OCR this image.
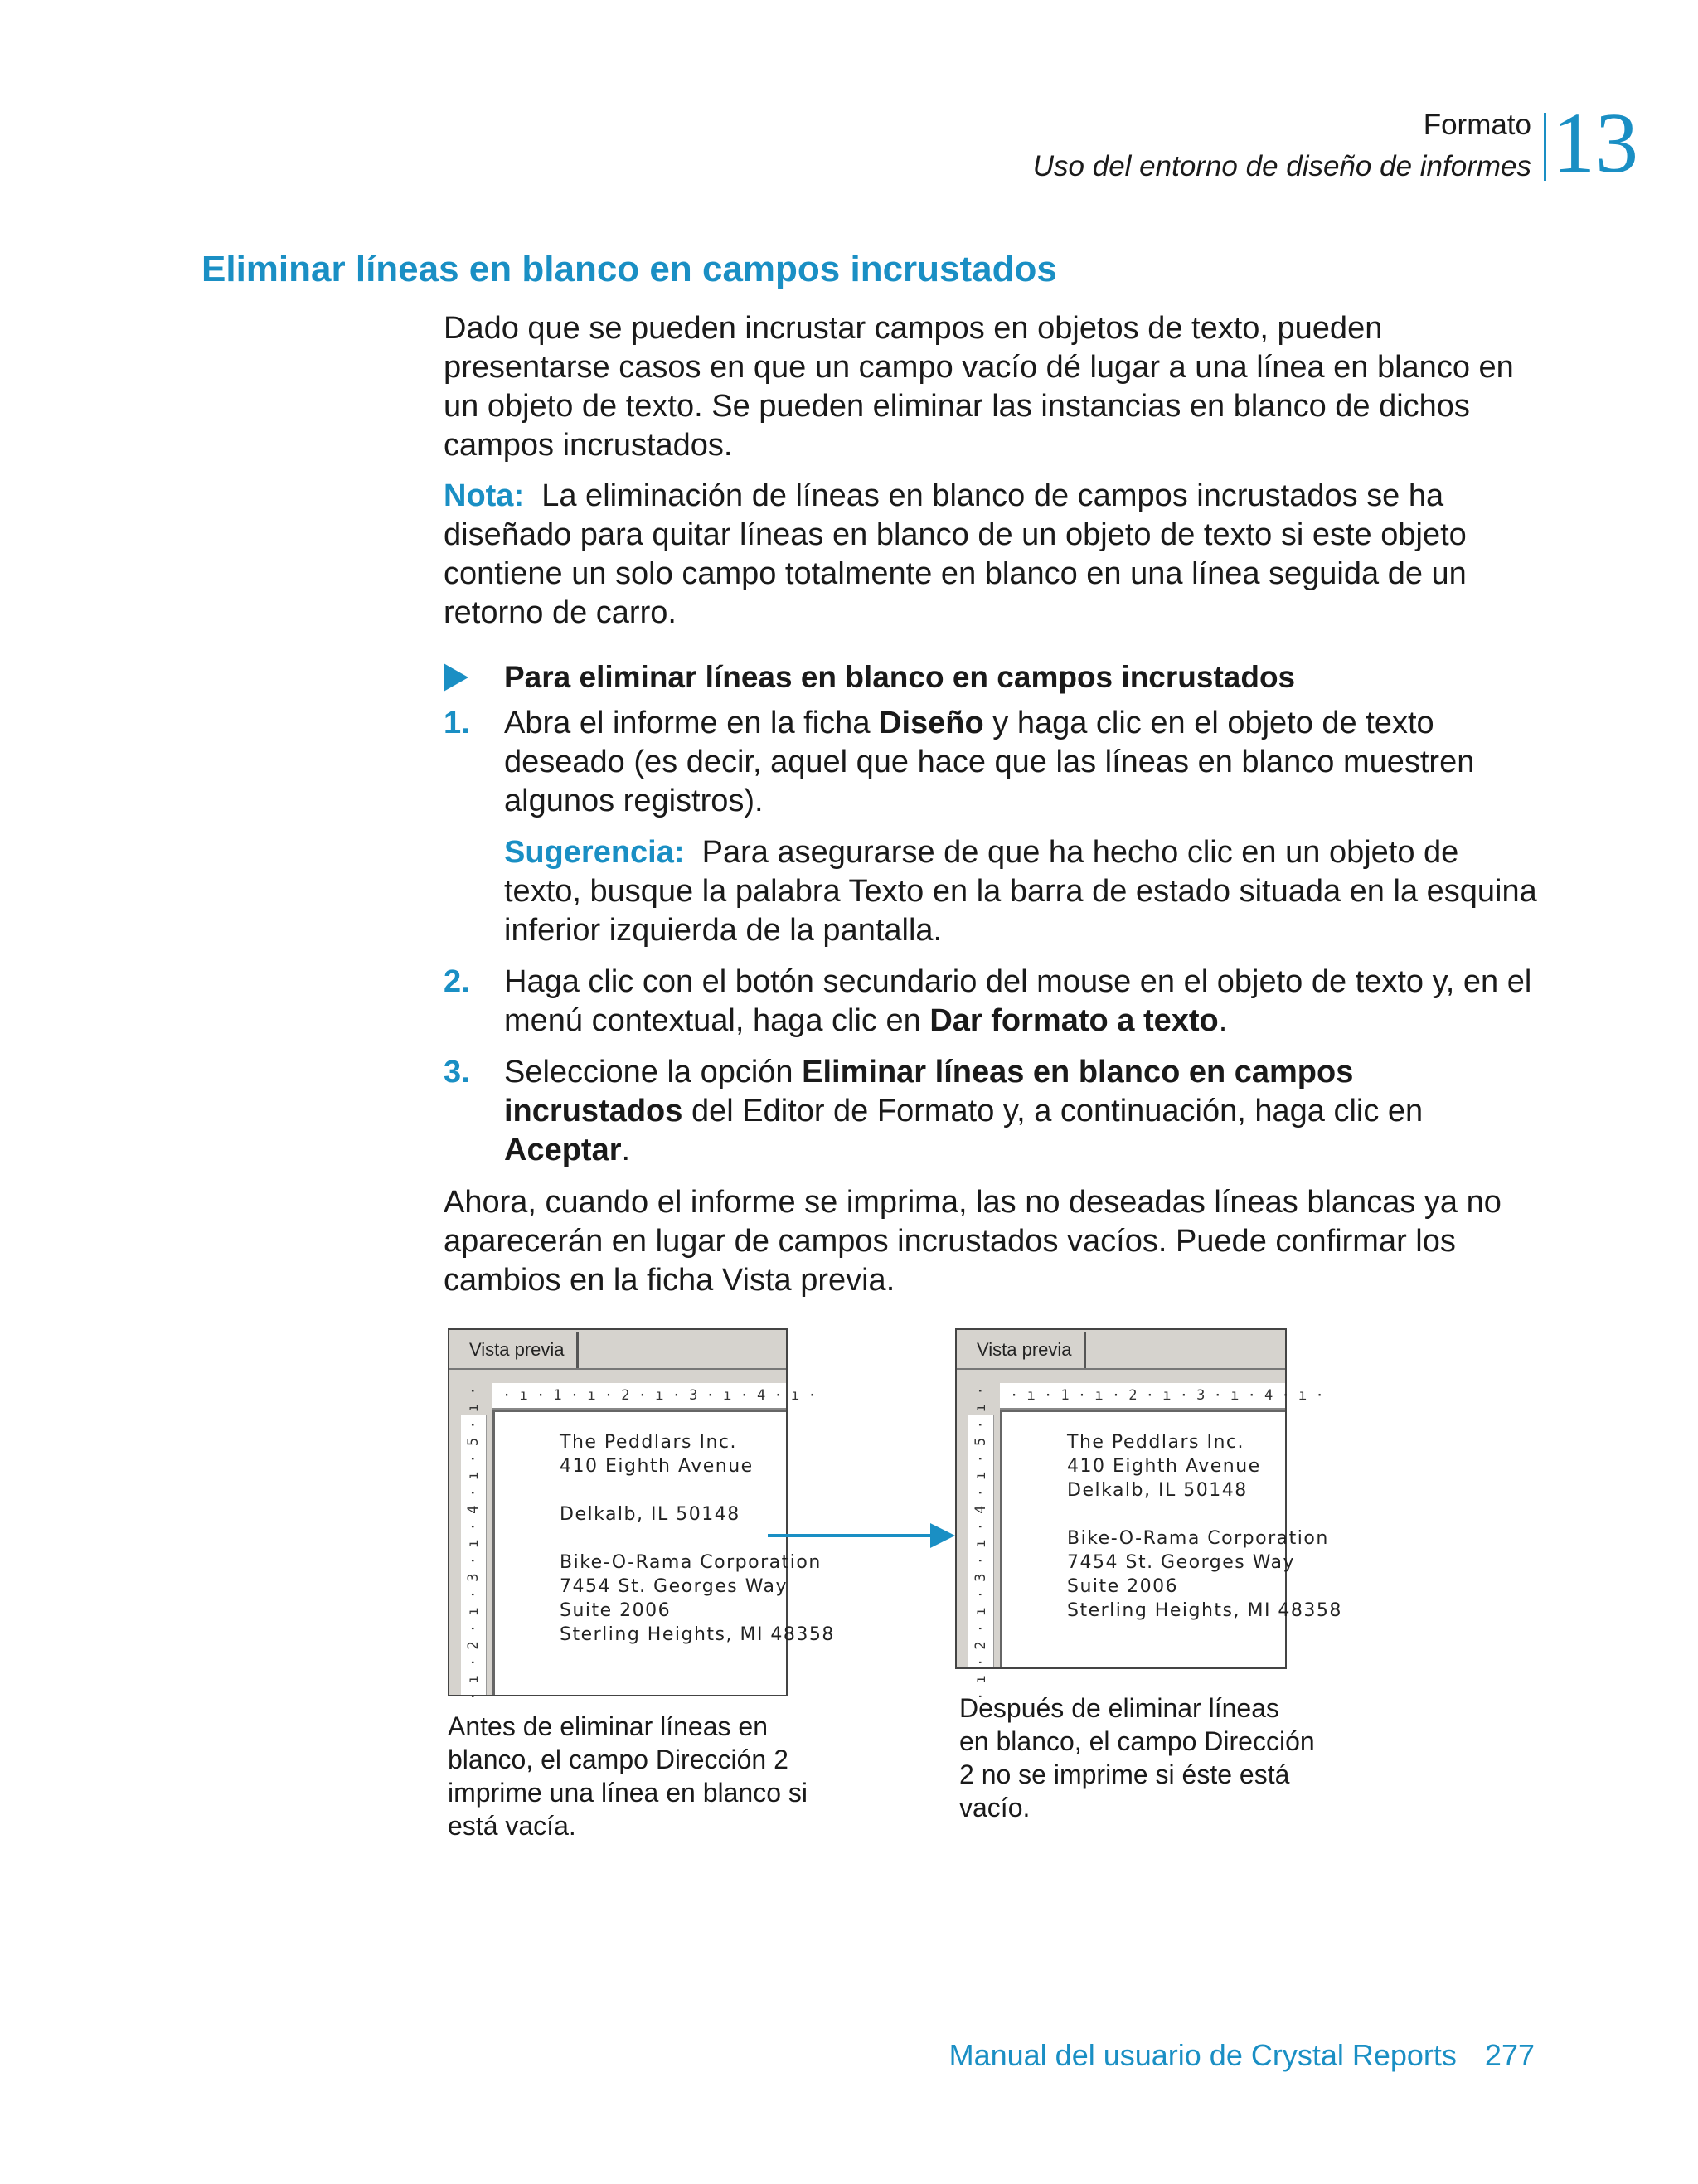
Formato
Uso del entorno de diseño de informes 13
Eliminar líneas en blanco en campos incrustados
Dado que se pueden incrustar campos en objetos de texto, pueden presentarse casos en que un campo vacío dé lugar a una línea en blanco en un objeto de texto. Se pueden eliminar las instancias en blanco de dichos campos incrustados.
Nota: La eliminación de líneas en blanco de campos incrustados se ha diseñado para quitar líneas en blanco de un objeto de texto si este objeto contiene un solo campo totalmente en blanco en una línea seguida de un retorno de carro.
Para eliminar líneas en blanco en campos incrustados
1. Abra el informe en la ficha Diseño y haga clic en el objeto de texto deseado (es decir, aquel que hace que las líneas en blanco muestren algunos registros).
Sugerencia: Para asegurarse de que ha hecho clic en un objeto de texto, busque la palabra Texto en la barra de estado situada en la esquina inferior izquierda de la pantalla.
2. Haga clic con el botón secundario del mouse en el objeto de texto y, en el menú contextual, haga clic en Dar formato a texto.
3. Seleccione la opción Eliminar líneas en blanco en campos incrustados del Editor de Formato y, a continuación, haga clic en Aceptar.
Ahora, cuando el informe se imprima, las no deseadas líneas blancas ya no aparecerán en lugar de campos incrustados vacíos. Puede confirmar los cambios en la ficha Vista previa.
Vista previa
· ı · 1 · ı · 2 · ı · 3 · ı · 4 · ı ·
· ı · 2 · ı · 3 · ı · 4 · ı · 5 · ı ·	The Peddlars Inc.
410 Eighth Avenue
Delkalb, IL 50148
Bike-O-Rama Corporation
7454 St. Georges Way
Suite 2006
Sterling Heights, MI 48358
Vista previa
· ı · 1 · ı · 2 · ı · 3 · ı · 4 · ı ·
· ı · 2 · ı · 3 · ı · 4 · ı · 5 · ı ·	The Peddlars Inc.
410 Eighth Avenue
Delkalb, IL 50148
Bike-O-Rama Corporation
7454 St. Georges Way
Suite 2006
Sterling Heights, MI 48358
Antes de eliminar líneas en blanco, el campo Dirección 2 imprime una línea en blanco si está vacía.
Después de eliminar líneas en blanco, el campo Dirección 2 no se imprime si éste está vacío.
Manual del usuario de Crystal Reports 277
